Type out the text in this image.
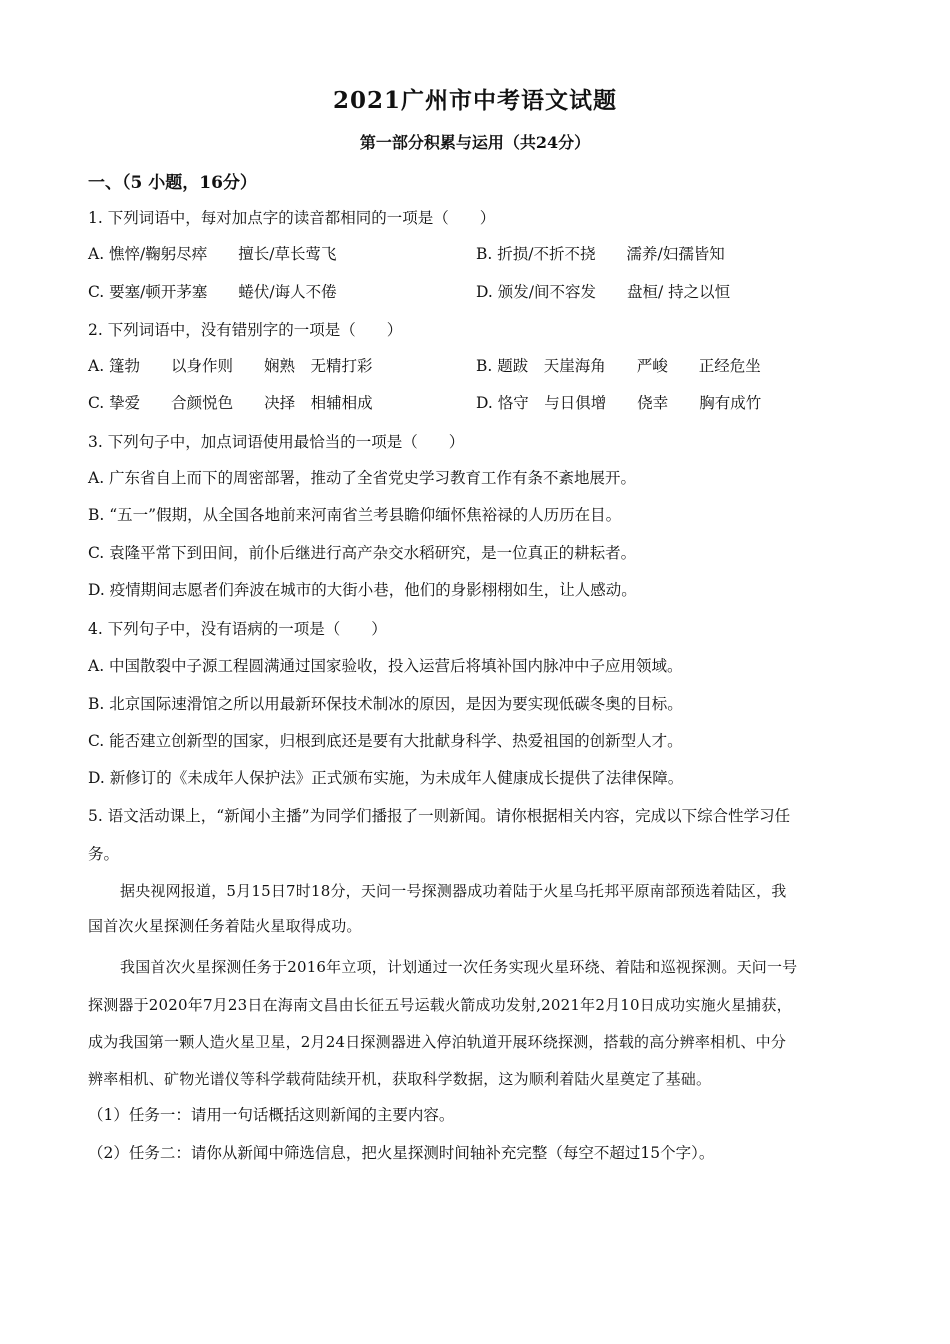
2021广州市中考语文试题
第一部分积累与运用（共24分）
一、（5 小题，16分）
1. 下列词语中，每对加点字的读音都相同的一项是（　　）
A. 憔悴/鞠躬尽瘁　　擅长/草长莺飞	B. 折损/不折不挠　　濡养/妇孺皆知
C. 要塞/顿开茅塞　　蜷伏/诲人不倦	D. 颁发/间不容发　　盘桓/ 持之以恒
2. 下列词语中，没有错别字的一项是（　　）
A. 篷勃　　以身作则　　娴熟　无精打彩	B. 题跋　天崖海角　　严峻　　正经危坐
C. 挚爱　　合颜悦色　　决择　相辅相成	D. 恪守　与日俱增　　侥幸　　胸有成竹
3. 下列句子中，加点词语使用最恰当的一项是（　　）
A. 广东省自上而下的周密部署，推动了全省党史学习教育工作有条不紊地展开。
B. “五一”假期，从全国各地前来河南省兰考县瞻仰缅怀焦裕禄的人历历在目。
C. 袁隆平常下到田间，前仆后继进行高产杂交水稻研究，是一位真正的耕耘者。
D. 疫情期间志愿者们奔波在城市的大街小巷，他们的身影栩栩如生，让人感动。
4. 下列句子中，没有语病的一项是（　　）
A. 中国散裂中子源工程圆满通过国家验收，投入运营后将填补国内脉冲中子应用领域。
B. 北京国际速滑馆之所以用最新环保技术制冰的原因，是因为要实现低碳冬奥的目标。
C. 能否建立创新型的国家，归根到底还是要有大批献身科学、热爱祖国的创新型人才。
D. 新修订的《未成年人保护法》正式颁布实施，为未成年人健康成长提供了法律保障。
5. 语文活动课上，“新闻小主播”为同学们播报了一则新闻。请你根据相关内容，完成以下综合性学习任
务。
据央视网报道，5月15日7时18分，天问一号探测器成功着陆于火星乌托邦平原南部预选着陆区，我
国首次火星探测任务着陆火星取得成功。
我国首次火星探测任务于2016年立项，计划通过一次任务实现火星环绕、着陆和巡视探测。天问一号
探测器于2020年7月23日在海南文昌由长征五号运载火箭成功发射,2021年2月10日成功实施火星捕获，
成为我国第一颗人造火星卫星，2月24日探测器进入停泊轨道开展环绕探测，搭载的高分辨率相机、中分
辨率相机、矿物光谱仪等科学载荷陆续开机，获取科学数据，这为顺利着陆火星奠定了基础。
（1）任务一：请用一句话概括这则新闻的主要内容。
（2）任务二：请你从新闻中筛选信息，把火星探测时间轴补充完整（每空不超过15个字）。
